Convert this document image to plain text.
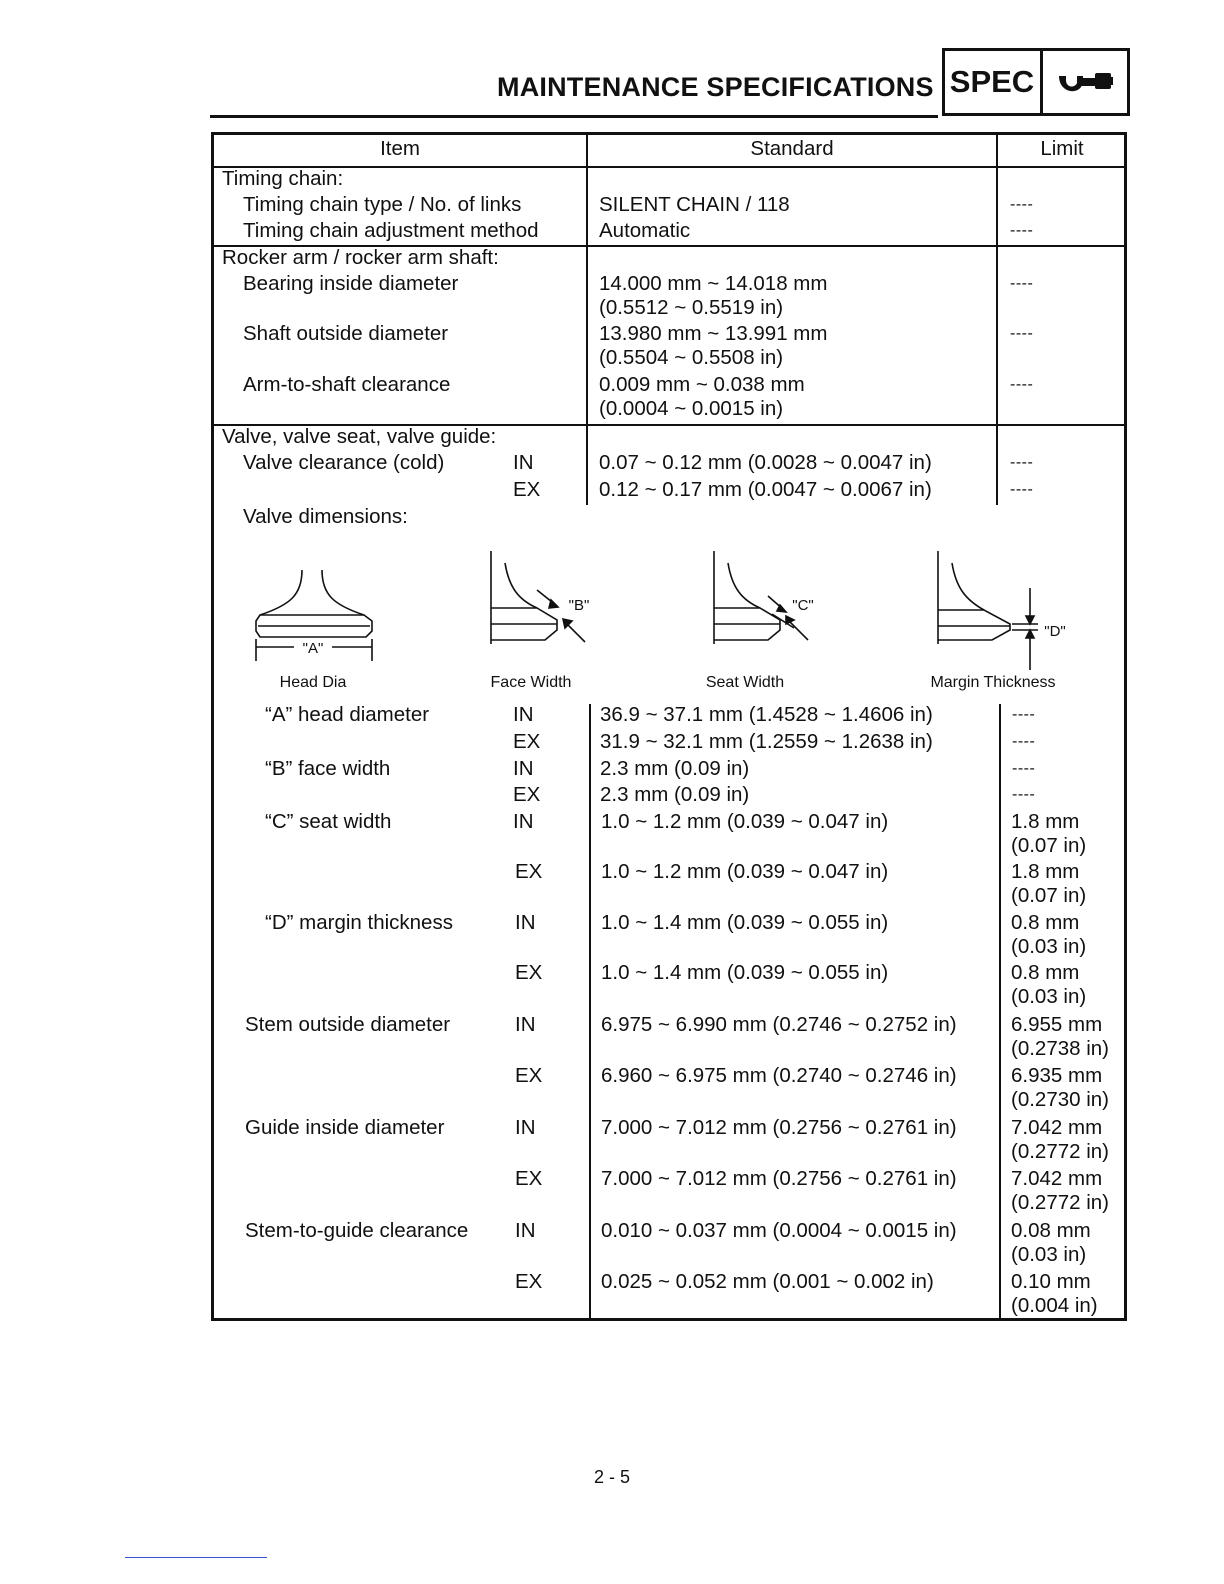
MAINTENANCE SPECIFICATIONS SPEC
Item	Standard	Limit
Timing chain:
Timing chain type / No. of links	SILENT CHAIN / 118	----
Timing chain adjustment method	Automatic	----
Rocker arm / rocker arm shaft:
Bearing inside diameter	14.000 mm ~ 14.018 mm
(0.5512 ~ 0.5519 in)
----
Shaft outside diameter	13.980 mm ~ 13.991 mm
(0.5504 ~ 0.5508 in)
----
Arm-to-shaft clearance	0.009 mm ~ 0.038 mm
(0.0004 ~ 0.0015 in)
----
Valve, valve seat, valve guide:
Valve clearance (cold)	IN	0.07 ~ 0.12 mm (0.0028 ~ 0.0047 in)	----
EX	0.12 ~ 0.17 mm (0.0047 ~ 0.0067 in)	----
Valve dimensions:
"A"
"B"	"C"
"D"
Head Dia	Face Width	Seat Width	Margin Thickness
“A” head diameter	IN	36.9 ~ 37.1 mm (1.4528 ~ 1.4606 in)	----
EX	31.9 ~ 32.1 mm (1.2559 ~ 1.2638 in)	----
“B” face width	IN	2.3 mm (0.09 in)	----
EX	2.3 mm (0.09 in)	----
“C” seat width	IN	1.0 ~ 1.2 mm (0.039 ~ 0.047 in)	1.8 mm
(0.07 in)
EX	1.0 ~ 1.2 mm (0.039 ~ 0.047 in)	1.8 mm
(0.07 in)
“D” margin thickness	IN	1.0 ~ 1.4 mm (0.039 ~ 0.055 in)	0.8 mm
(0.03 in)
EX	1.0 ~ 1.4 mm (0.039 ~ 0.055 in)	0.8 mm
(0.03 in)
Stem outside diameter	IN	6.975 ~ 6.990 mm (0.2746 ~ 0.2752 in)	6.955 mm
(0.2738 in)
EX	6.960 ~ 6.975 mm (0.2740 ~ 0.2746 in)	6.935 mm
(0.2730 in)
Guide inside diameter	IN	7.000 ~ 7.012 mm (0.2756 ~ 0.2761 in)	7.042 mm
(0.2772 in)
EX	7.000 ~ 7.012 mm (0.2756 ~ 0.2761 in)	7.042 mm
(0.2772 in)
Stem-to-guide clearance IN	0.010 ~ 0.037 mm (0.0004 ~ 0.0015 in)	0.08 mm
(0.03 in)
EX	0.025 ~ 0.052 mm (0.001 ~ 0.002 in)	0.10 mm
(0.004 in)
2 - 5
